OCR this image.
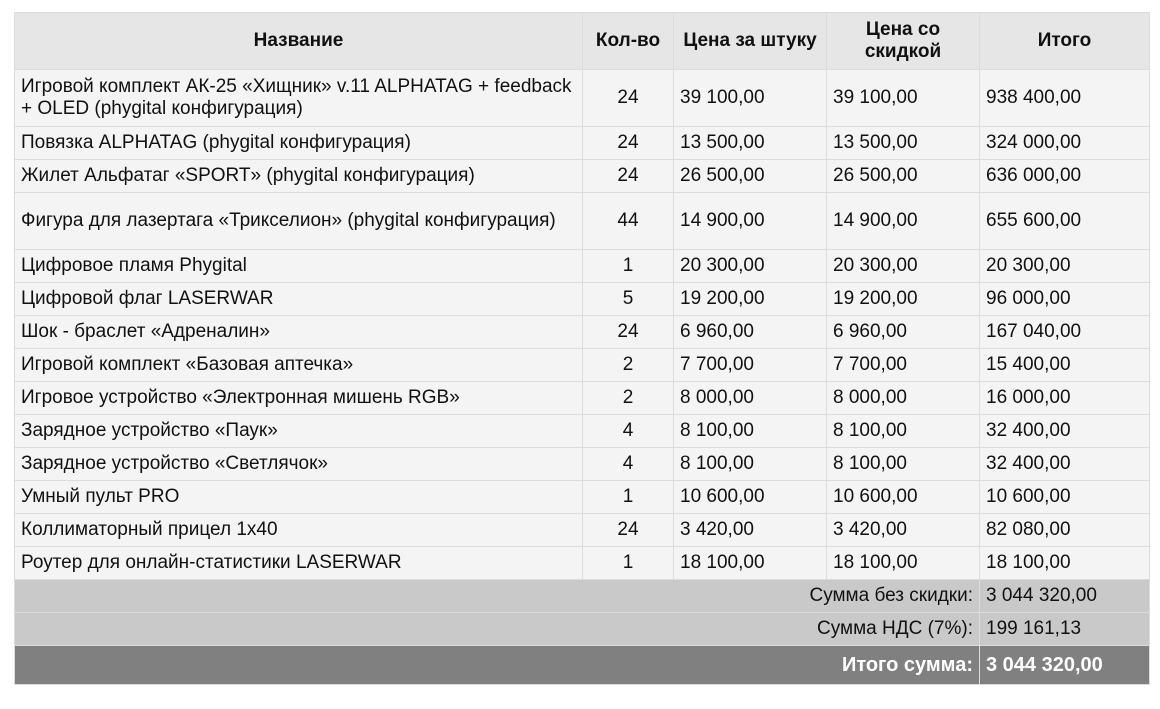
Название	Кол-во	Цена за штуку	Цена со скидкой	Итого
Игровой комплект АК-25 «Хищник» v.11 ALPHATAG + feedback + OLED (phygital конфигурация)	24	39 100,00	39 100,00	938 400,00
Повязка ALPHATAG (phygital конфигурация)	24	13 500,00	13 500,00	324 000,00
Жилет Альфатаг «SPORT» (phygital конфигурация)	24	26 500,00	26 500,00	636 000,00
Фигура для лазертага «Трикселион» (phygital конфигурация)	44	14 900,00	14 900,00	655 600,00
Цифровое пламя Phygital	1	20 300,00	20 300,00	20 300,00
Цифровой флаг LASERWAR	5	19 200,00	19 200,00	96 000,00
Шок - браслет «Адреналин»	24	6 960,00	6 960,00	167 040,00
Игровой комплект «Базовая аптечка»	2	7 700,00	7 700,00	15 400,00
Игровое устройство «Электронная мишень RGB»	2	8 000,00	8 000,00	16 000,00
Зарядное устройство «Паук»	4	8 100,00	8 100,00	32 400,00
Зарядное устройство «Светлячок»	4	8 100,00	8 100,00	32 400,00
Умный пульт PRO	1	10 600,00	10 600,00	10 600,00
Коллиматорный прицел 1х40	24	3 420,00	3 420,00	82 080,00
Роутер для онлайн-статистики LASERWAR	1	18 100,00	18 100,00	18 100,00
Сумма без скидки:				3 044 320,00
Сумма НДС (7%):				199 161,13
Итого сумма:				3 044 320,00
